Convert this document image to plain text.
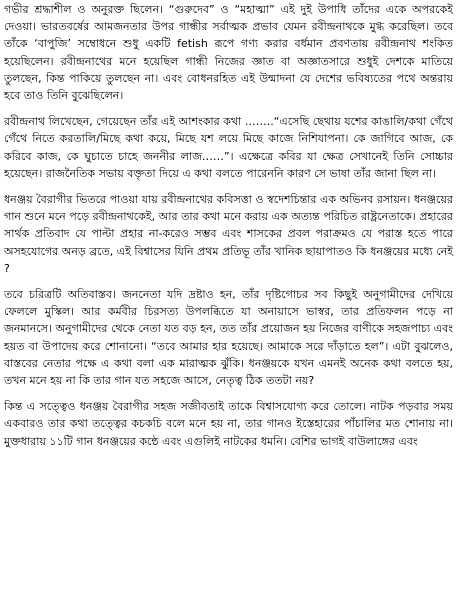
গভীর শ্রদ্ধাশীল ও অনুরক্ত ছিলেন। “গুরুদেব” ও “মহাত্মা” এই দুই উপাধি তাঁদের একে অপরকেই দেওয়া। ভারতবর্ষের আমজনতার উপর গান্ধীর সর্বাত্মক প্রভাব যেমন রবীন্দ্রনাথকে মুগ্ধ করেছিল। তবে তাঁকে ‘বাপুজি’ সম্বোধনে শুধু একটি fetish রূপে গণ্য করার বর্ধমান প্রবণতায় রবীন্দ্রনাথ শংকিত হয়েছিলেন। রবীন্দ্রনাথের মনে হয়েছিল গান্ধী নিজের জ্ঞাত বা অজ্ঞাতসারে শুধুই দেশকে মাতিয়ে তুলছেন, কিন্ত পাকিয়ে তুলছেন না। এবং বোধনরহিত এই উন্মাদনা যে দেশের ভবিষ্যতের পথে অন্তরায় হবে তাও তিনি বুঝেছিলেন।

রবীন্দ্রনাথ লিখেছেন, গেয়েছেন তাঁর এই আশংকার কথা ……..“এসেছি ছেথায় যশের কাঙালি/কথা গেঁথে গেঁথে নিতে করতালি/মিছে কথা কয়ে, মিছে যশ লয়ে মিছে কাজে নিশিযাপনা। কে জাগিবে আজ, কে করিবে কাজ, কে ঘুচাতে চাহে জননীর লাজ……”। এক্ষেত্রে কবির যা ক্ষেত্র সেখানেই তিনি সোচ্চার হয়েছেন। রাজনৈতিক সভায় বক্তৃতা দিয়ে এ কথা বলতে পারেননি কারণ সে ভাষা তাঁর জানা ছিল না।

ধনঞ্জয় বৈরাগীর ভিতরে পাওয়া যায় রবীন্দ্রনাথের কবিসত্তা ও স্বদেশচিন্তার এক অভিনব রসায়ন। ধনঞ্জয়ের গান শুনে মনে পড়ে রবীন্দ্রনাথকেই, আর তার কথা মনে করায় এক অত্যন্ত পরিচিত রাষ্ট্রনেতাকে। প্রহারের সার্থক প্রতিবাদ যে পাল্টা প্রহার না-করেও সম্ভব এবং শাসকের প্রবল পরাক্রমও যে পরাস্ত হতে পারে অসহযোগের অনড় ব্রতে, এই বিশ্বাসের যিনি প্রথম প্রতিভূ তাঁর খানিক ছায়াপাতও কি ধনঞ্জয়ের মধ্যে নেই ?

তবে চরিত্রটি অতিবাস্তব। জননেতা যদি দ্রষ্টাও হন, তাঁর দৃষ্টিগোচর সব কিছুই অনুগামীদের দেখিয়ে ফেললে মুস্কিল। আর কর্মবীর চিরসত্য উপলব্ধিতে যা অনায়াসে ভাস্বর, তার প্রতিফলন পড়ে না জনমানসে। অনুগামীদের থেকে নেতা যত বড় হন, তত তাঁর প্রয়োজন হয় নিজের বাণীকে সহজপাচ্য এবং হয়ত বা উপাদেয় করে শোনানো। “তবে আমার হার হয়েছে। আমাকে সরে দাঁড়াতে হল”। এটা বুঝলেও, বাস্তবের নেতার পক্ষে এ কথা বলা এক মারাত্মক ঝুঁকি। ধনঞ্জয়কে যখন এমনই অনেক কথা বলতে হয়, তখন মনে হয় না কি তার গান যত সহজে আসে, নেতৃত্ব ঠিক ততটা নয়?

কিন্ত এ সত্ত্বেও ধনঞ্জয় বৈরাগীর সহজ সজীবতাই তাকে বিশ্বাসযোগ্য করে তোলে। নাটক পড়বার সময় একবারও তার কথা তত্ত্বের কচকচি বলে মনে হয় না, তার গানও ইস্তেহারের পাঁচালির মত শোনায় না। মুক্তধারায় ১১টি গান ধনঞ্জয়ের কন্ঠে এবং এগুলিই নাটকের ধমনি। বেশির ভাগই বাউলাঙ্গের এবং
